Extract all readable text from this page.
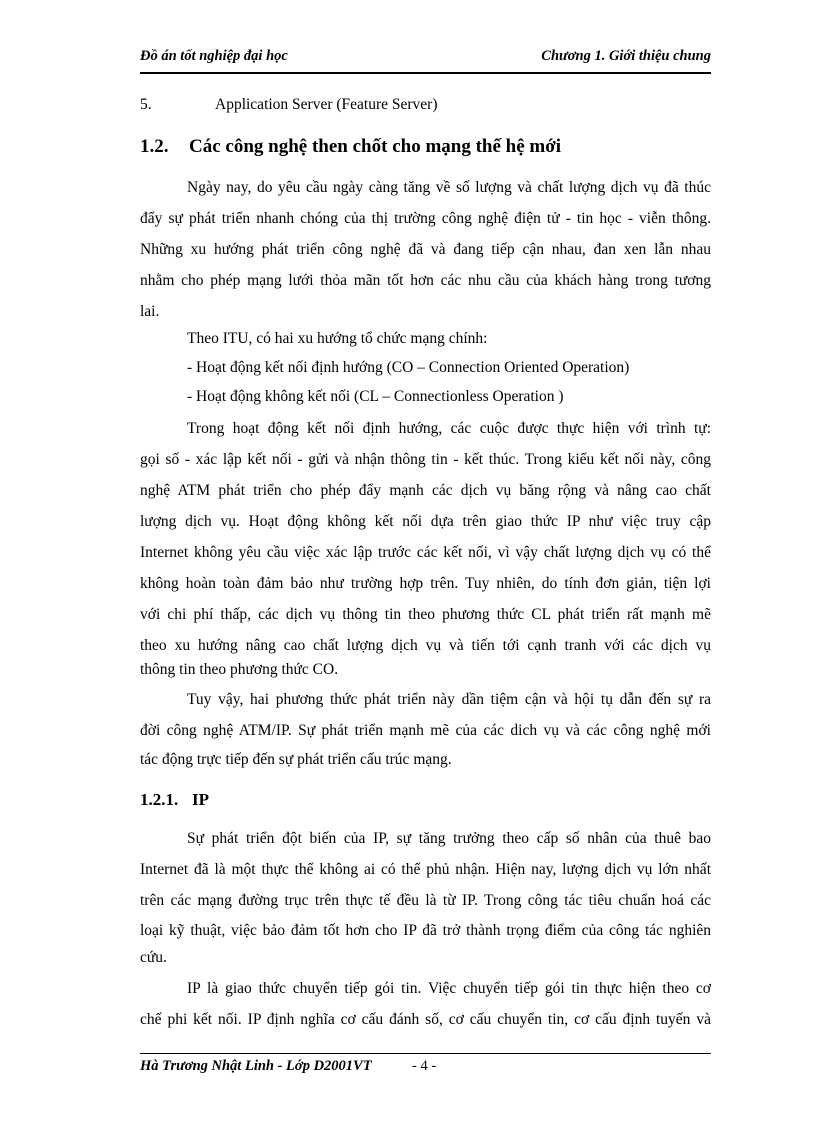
Đồ án tốt nghiệp đại học	Chương 1. Giới thiệu chung
5.	Application Server (Feature Server)
1.2. Các công nghệ then chốt cho mạng thế hệ mới
Ngày nay, do yêu cầu ngày càng tăng về số lượng và chất lượng dịch vụ đã thúc
đẩy sự phát triển nhanh chóng của thị trường công nghệ điện tử - tin học - viễn thông.
Những xu hướng phát triển công nghệ đã và đang tiếp cận nhau, đan xen lẫn nhau
nhằm cho phép mạng lưới thỏa mãn tốt hơn các nhu cầu của khách hàng trong tương
lai.
Theo ITU, có hai xu hướng tổ chức mạng chính:
- Hoạt động kết nối định hướng (CO – Connection Oriented Operation)
- Hoạt động không kết nối (CL – Connectionless Operation )
Trong hoạt động kết nối định hướng, các cuộc được thực hiện với trình tự:
gọi số - xác lập kết nối - gửi và nhận thông tin - kết thúc. Trong kiểu kết nối này, công
nghệ ATM phát triển cho phép đẩy mạnh các dịch vụ băng rộng và nâng cao chất
lượng dịch vụ. Hoạt động không kết nối dựa trên giao thức IP như việc truy cập
Internet không yêu cầu việc xác lập trước các kết nối, vì vậy chất lượng dịch vụ có thể
không hoàn toàn đảm bảo như trường hợp trên. Tuy nhiên, do tính đơn giản, tiện lợi
với chi phí thấp, các dịch vụ thông tin theo phương thức CL phát triển rất mạnh mẽ
theo xu hướng nâng cao chất lượng dịch vụ và tiến tới cạnh tranh với các dịch vụ
thông tin theo phương thức CO.
Tuy vậy, hai phương thức phát triển này dần tiệm cận và hội tụ dẫn đến sự ra
đời công nghệ ATM/IP. Sự phát triển mạnh mẽ của các dich vụ và các công nghệ mới
tác động trực tiếp đến sự phát triển cấu trúc mạng.
1.2.1. IP
Sự phát triển đột biến của IP, sự tăng trưởng theo cấp số nhân của thuê bao
Internet đã là một thực thể không ai có thể phủ nhận. Hiện nay, lượng dịch vụ lớn nhất
trên các mạng đường trục trên thực tế đều là từ IP. Trong công tác tiêu chuẩn hoá các
loại kỹ thuật, việc bảo đảm tốt hơn cho IP đã trở thành trọng điểm của công tác nghiên
cứu.
IP là giao thức chuyển tiếp gói tin. Việc chuyển tiếp gói tin thực hiện theo cơ
chế phi kết nối. IP định nghĩa cơ cấu đánh số, cơ cấu chuyển tin, cơ cấu định tuyến và
Hà Trương Nhật Linh - Lớp D2001VT	- 4 -
